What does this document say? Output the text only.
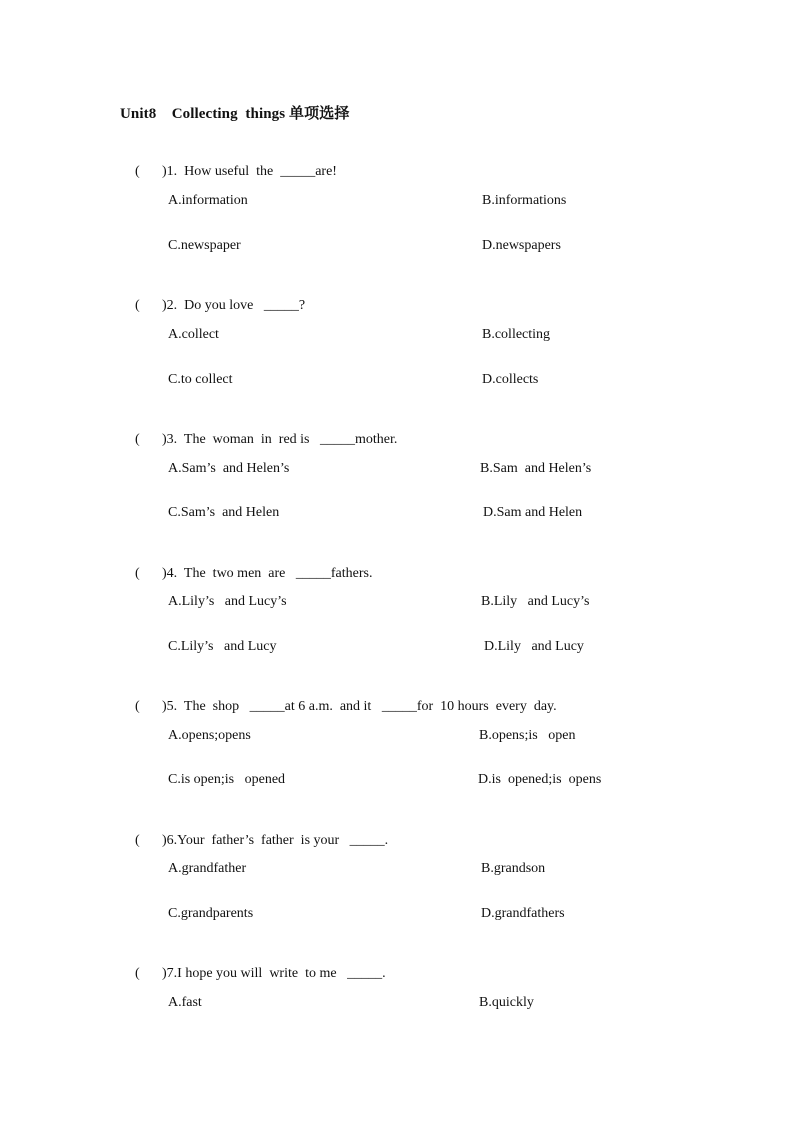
Unit8    Collecting  things 单项选择

( )1.  How useful  the  _____are!

A.information	B.informations
C.newspaper	D.newspapers

( )2.  Do you love   _____?

A.collect	B.collecting
C.to collect	D.collects

( )3.  The  woman  in  red is   _____mother.

A.Sam’s  and Helen’s	B.Sam  and Helen’s
C.Sam’s  and Helen	D.Sam and Helen

( )4.  The  two men  are   _____fathers.

A.Lily’s   and Lucy’s	B.Lily   and Lucy’s
C.Lily’s   and Lucy	D.Lily   and Lucy

( )5.  The  shop   _____at 6 a.m.  and it   _____for  10 hours  every  day.

A.opens;opens	B.opens;is   open
C.is open;is   opened	D.is  opened;is  opens

( )6.Your  father’s  father  is your   _____.

A.grandfather	B.grandson
C.grandparents	D.grandfathers

( )7.I hope you will  write  to me   _____.

A.fast	B.quickly
